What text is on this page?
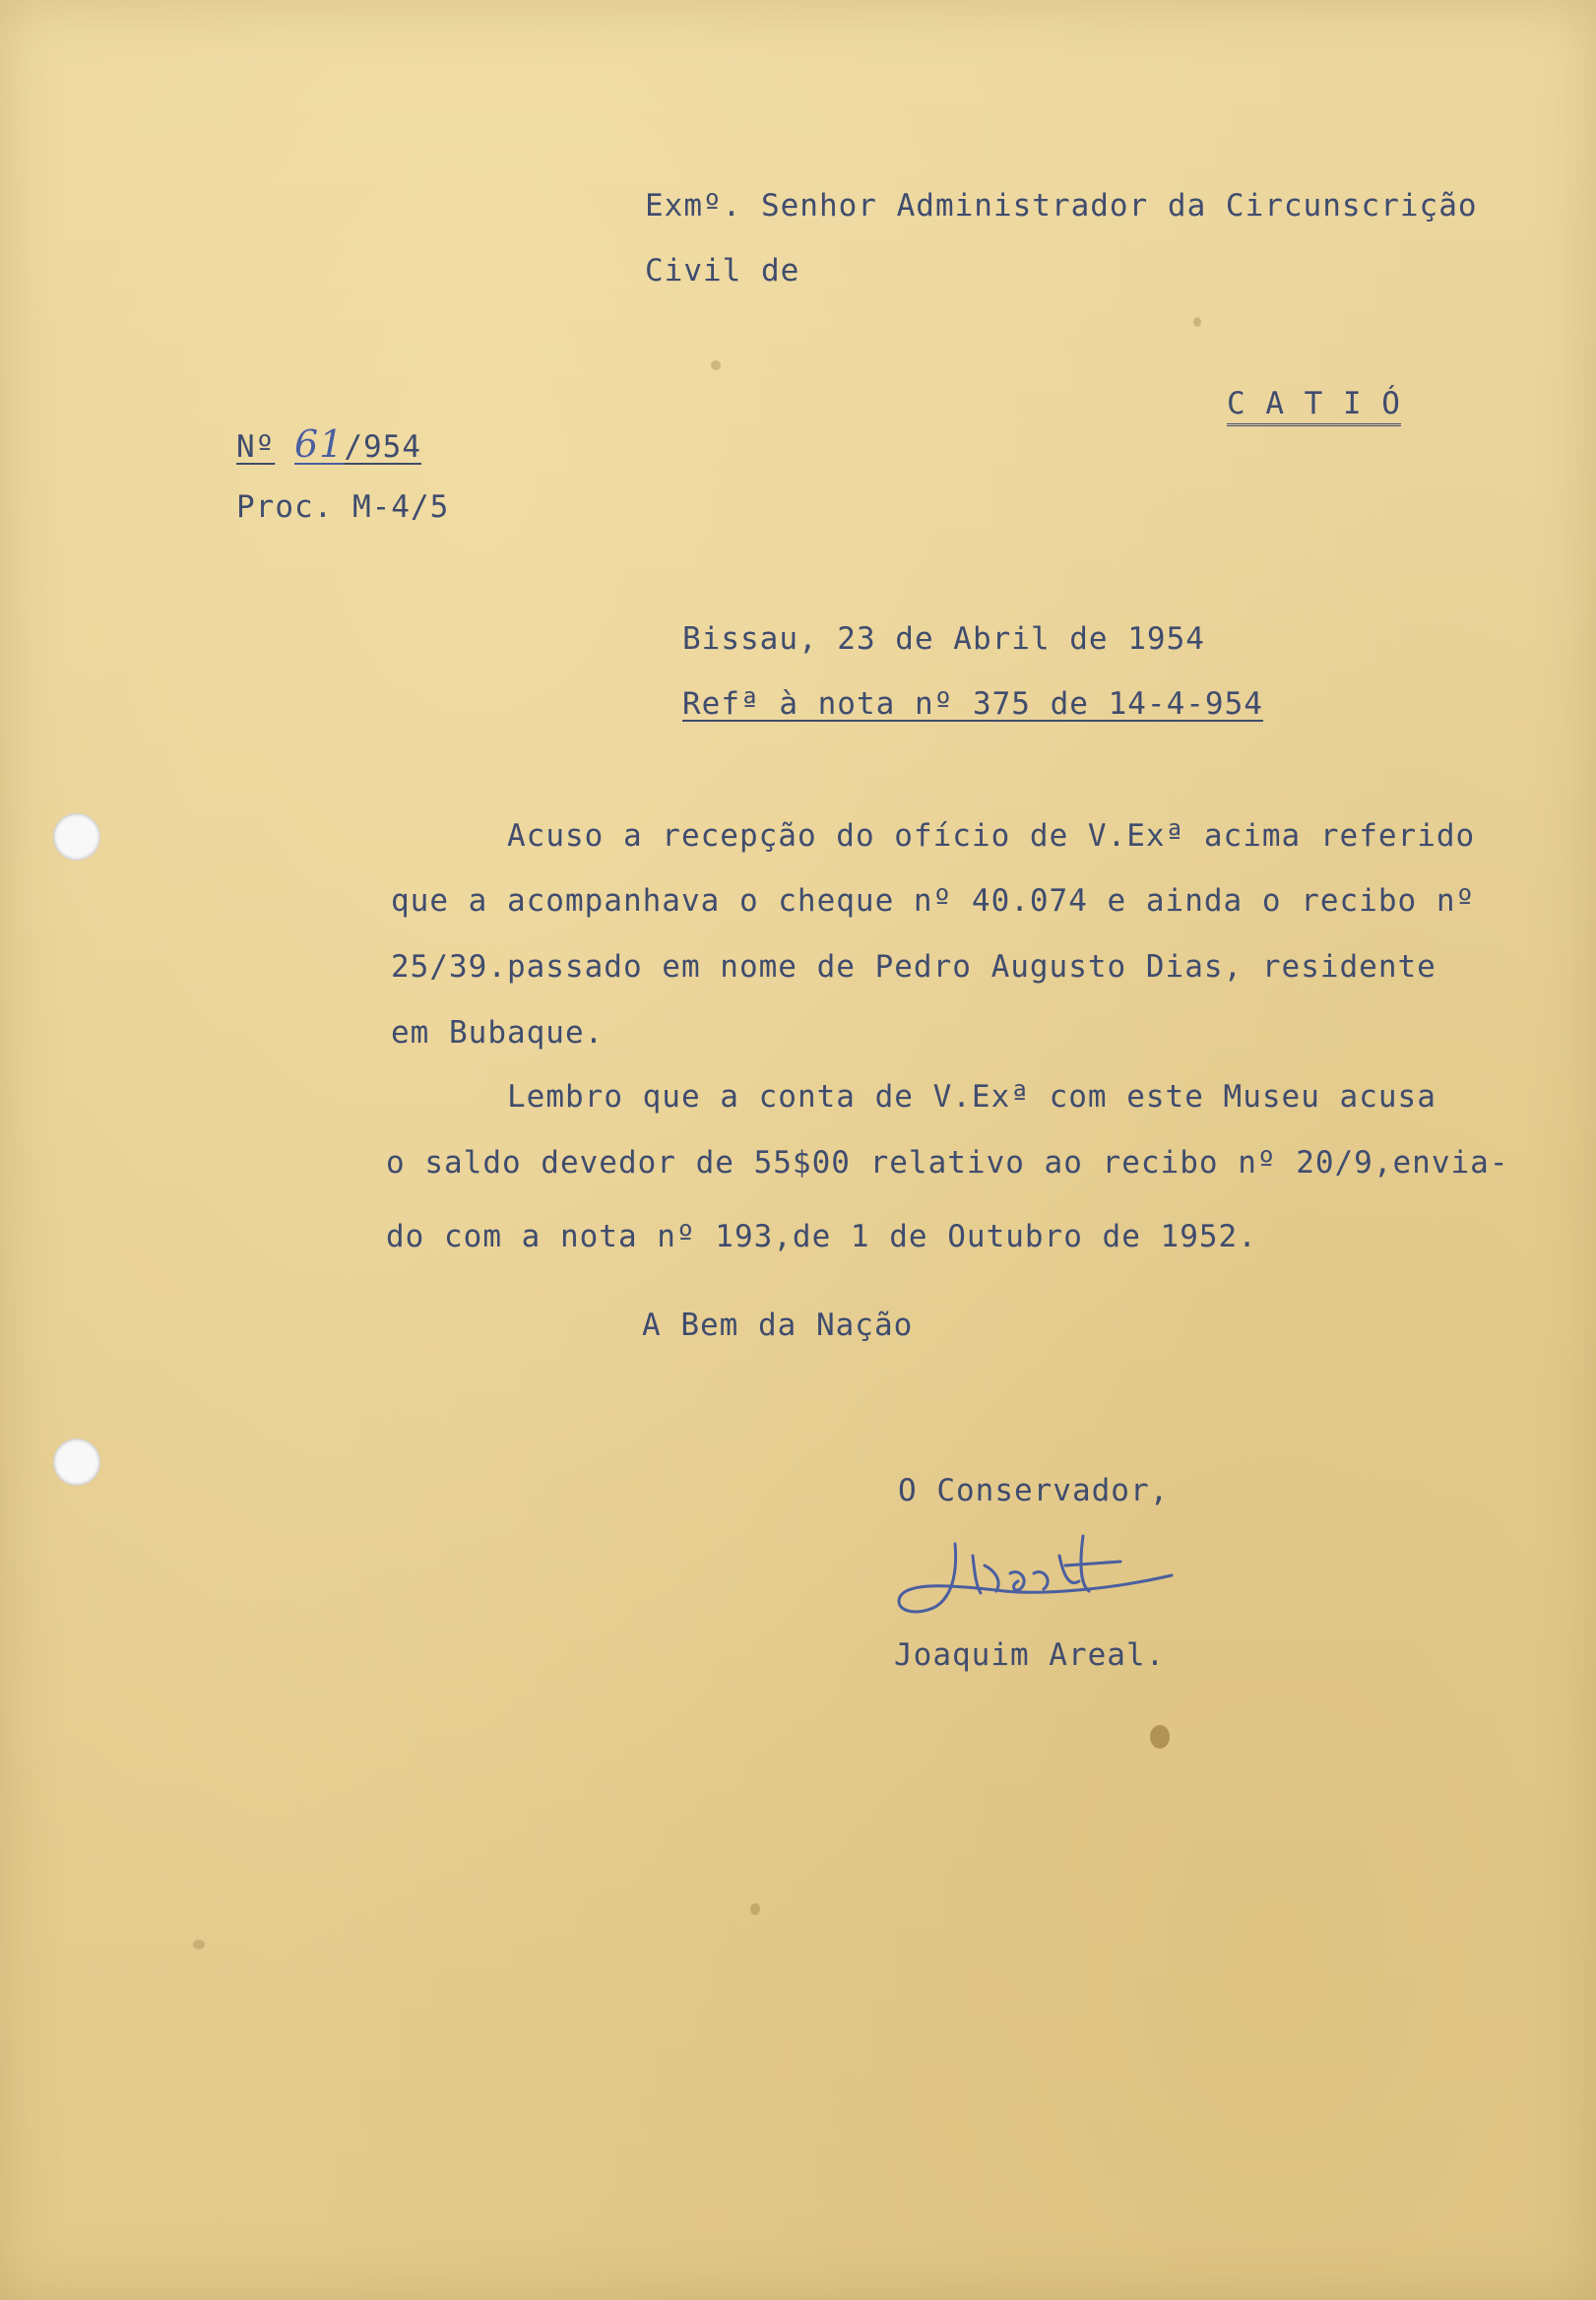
Exmº. Senhor Administrador da Circunscrição
Civil de
C A T I Ó
Nº 61/954
Proc. M-4/5
Bissau, 23 de Abril de 1954
Refª à nota nº 375 de 14-4-954
Acuso a recepção do ofício de V.Exª acima referido
que a acompanhava o cheque nº 40.074 e ainda o recibo nº
25/39.passado em nome de Pedro Augusto Dias, residente
em Bubaque.
Lembro que a conta de V.Exª com este Museu acusa
o saldo devedor de 55$00 relativo ao recibo nº 20/9,envia-
do com a nota nº 193,de 1 de Outubro de 1952.
A Bem da Nação
O Conservador,
Joaquim Areal.
